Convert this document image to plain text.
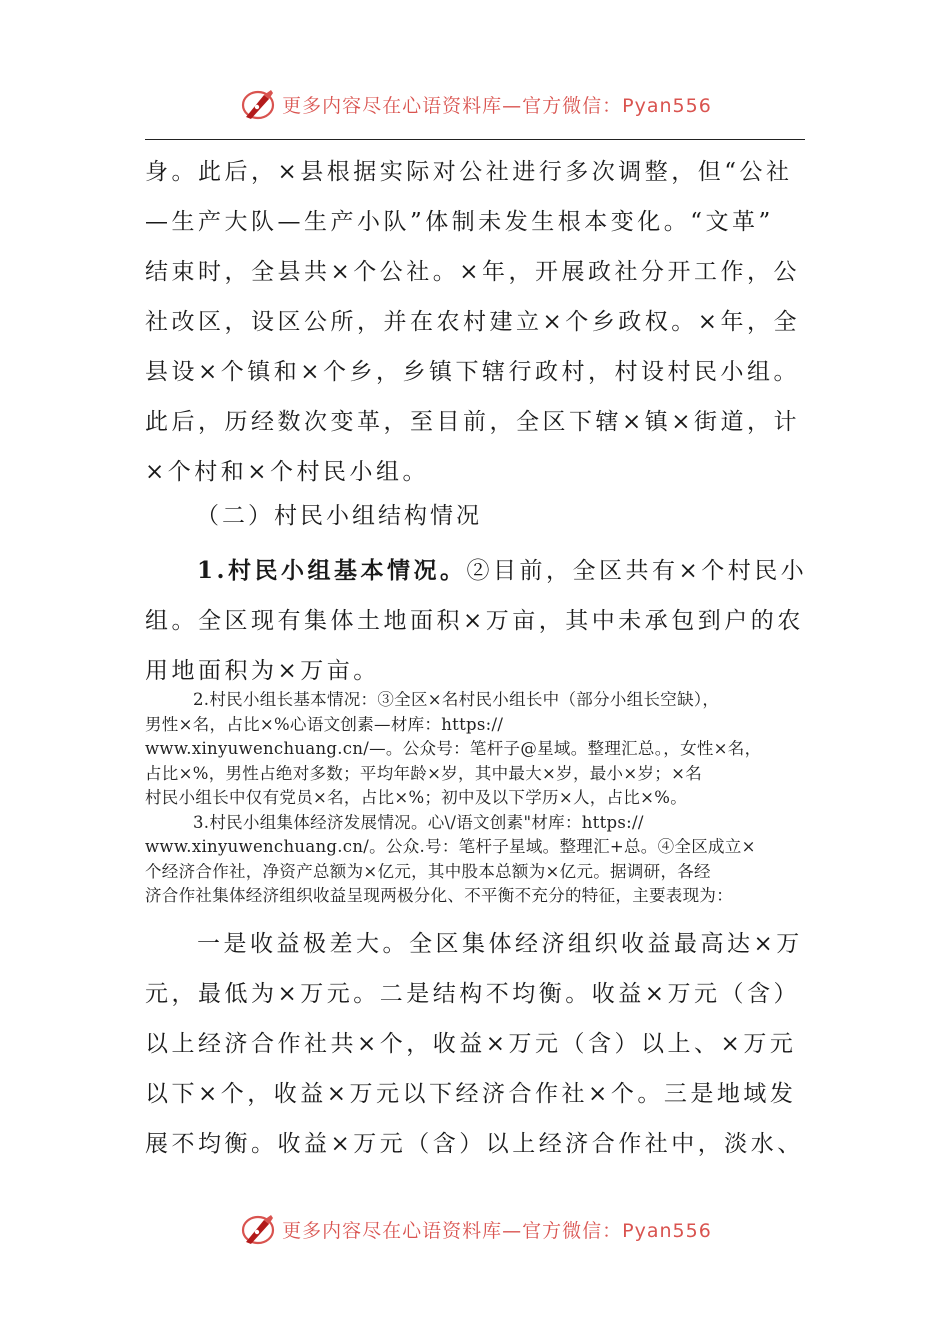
更多内容尽在心语资料库—官方微信：Pyan556
身。此后，×县根据实际对公社进行多次调整，但“公社
—生产大队—生产小队”体制未发生根本变化。“文革”
结束时，全县共×个公社。×年，开展政社分开工作，公
社改区，设区公所，并在农村建立×个乡政权。×年，全
县设×个镇和×个乡，乡镇下辖行政村，村设村民小组。
此后，历经数次变革，至目前，全区下辖×镇×街道，计
×个村和×个村民小组。

（二）村民小组结构情况

1.村民小组基本情况。②目前，全区共有×个村民小
组。全区现有集体土地面积×万亩，其中未承包到户的农
用地面积为×万亩。
2.村民小组长基本情况：③全区×名村民小组长中（部分小组长空缺），
男性×名，占比×%心语文创素—材库：https://
www.xinyuwenchuang.cn/—。公众号：笔杆子@星域。整理汇总。，女性×名，
占比×%，男性占绝对多数；平均年龄×岁，其中最大×岁，最小×岁；×名
村民小组长中仅有党员×名，占比×%；初中及以下学历×人，占比×%。
3.村民小组集体经济发展情况。心\/语文创素"材库：https://
www.xinyuwenchuang.cn/。公众.号：笔杆子星域。整理汇+总。④全区成立×
个经济合作社，净资产总额为×亿元，其中股本总额为×亿元。据调研，各经
济合作社集体经济组织收益呈现两极分化、不平衡不充分的特征，主要表现为：
一是收益极差大。全区集体经济组织收益最高达×万
元，最低为×万元。二是结构不均衡。收益×万元（含）
以上经济合作社共×个，收益×万元（含）以上、×万元
以下×个，收益×万元以下经济合作社×个。三是地域发
展不均衡。收益×万元（含）以上经济合作社中，淡水、
更多内容尽在心语资料库—官方微信：Pyan556
